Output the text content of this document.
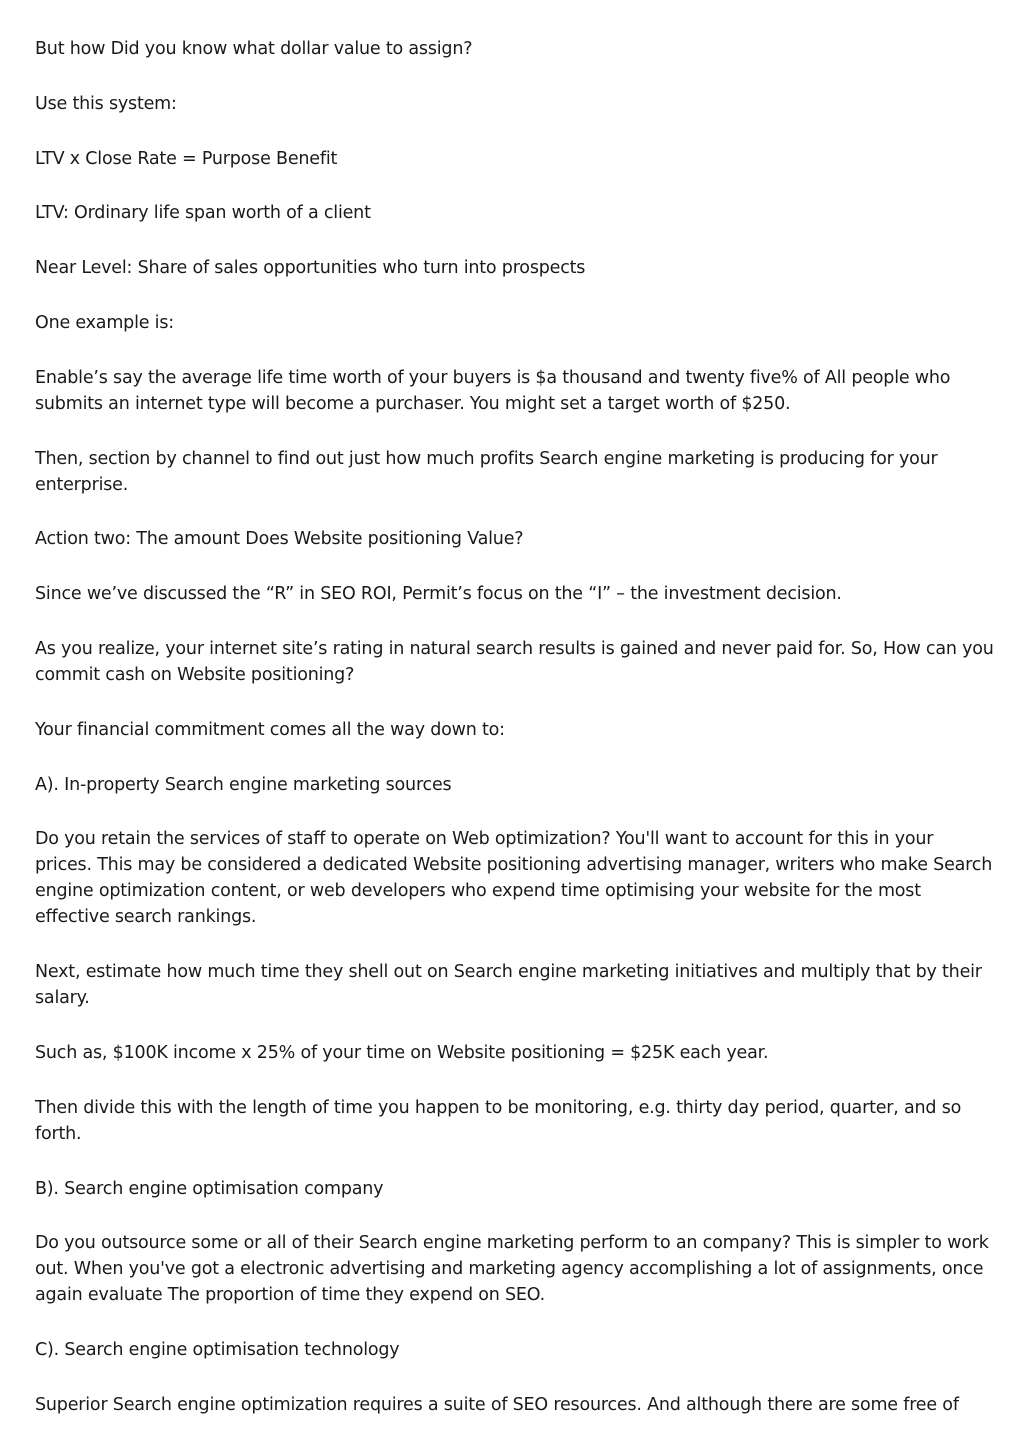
But how Did you know what dollar value to assign?

Use this system:

LTV x Close Rate = Purpose Benefit

LTV: Ordinary life span worth of a client

Near Level: Share of sales opportunities who turn into prospects

One example is:

Enable’s say the average life time worth of your buyers is $a thousand and twenty five% of All people who submits an internet type will become a purchaser. You might set a target worth of $250.

Then, section by channel to find out just how much profits Search engine marketing is producing for your enterprise.

Action two: The amount Does Website positioning Value?

Since we’ve discussed the “R” in SEO ROI, Permit’s focus on the “I” – the investment decision.

As you realize, your internet site’s rating in natural search results is gained and never paid for. So, How can you commit cash on Website positioning?

Your financial commitment comes all the way down to:

A). In-property Search engine marketing sources

Do you retain the services of staff to operate on Web optimization? You'll want to account for this in your prices. This may be considered a dedicated Website positioning advertising manager, writers who make Search engine optimization content, or web developers who expend time optimising your website for the most effective search rankings.

Next, estimate how much time they shell out on Search engine marketing initiatives and multiply that by their salary.

Such as, $100K income x 25% of your time on Website positioning = $25K each year.

Then divide this with the length of time you happen to be monitoring, e.g. thirty day period, quarter, and so forth.

B). Search engine optimisation company

Do you outsource some or all of their Search engine marketing perform to an company? This is simpler to work out. When you've got a electronic advertising and marketing agency accomplishing a lot of assignments, once again evaluate The proportion of time they expend on SEO.

C). Search engine optimisation technology

Superior Search engine optimization requires a suite of SEO resources. And although there are some free of
